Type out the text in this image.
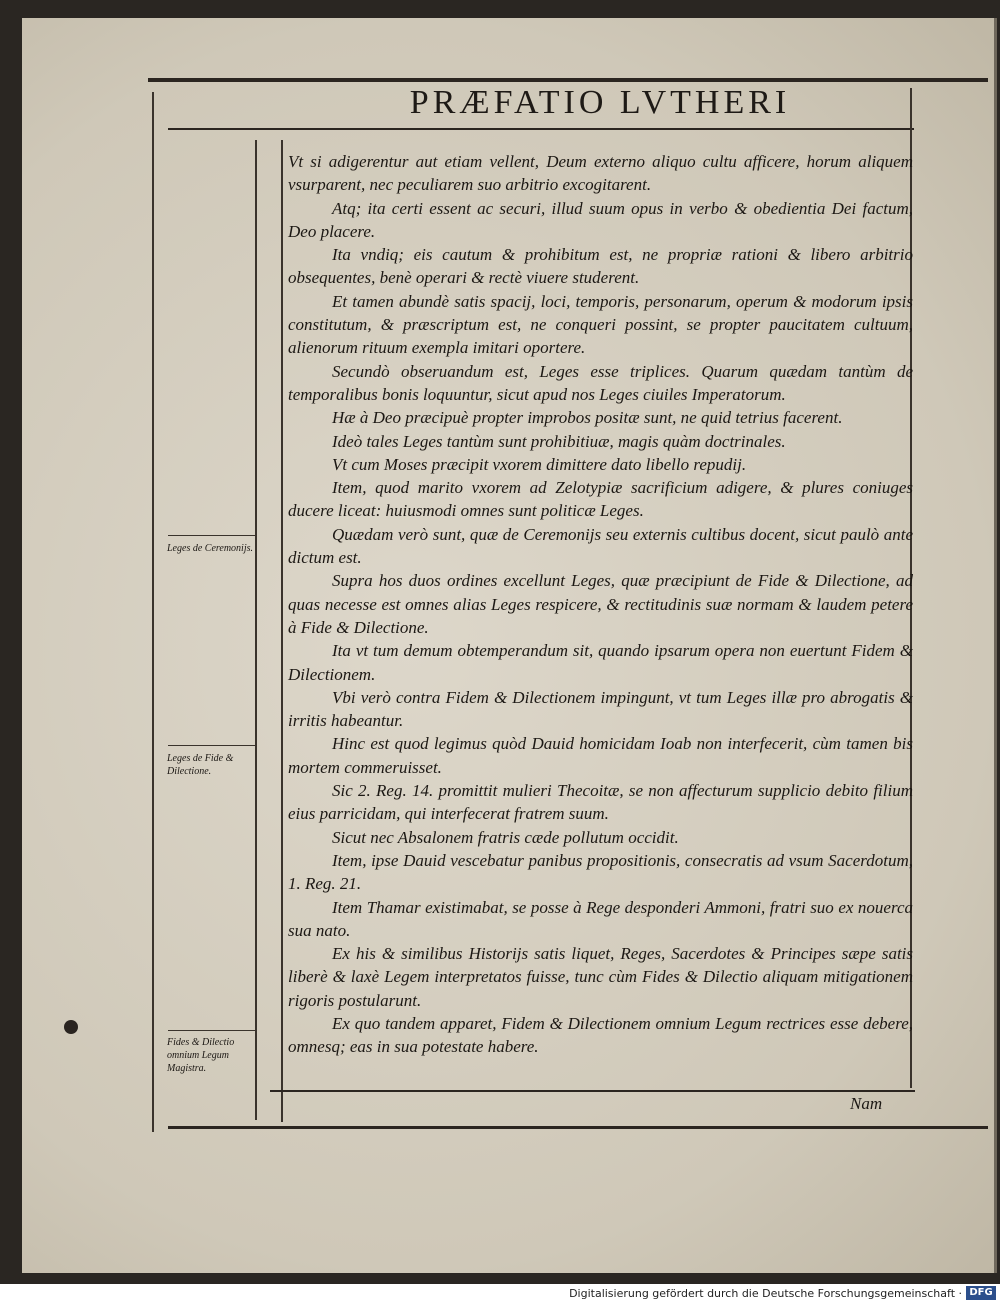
PRÆFATIO LVTHERI
Leges de Ceremonijs.
Leges de Fide & Dilectione.
Fides & Dilectio omnium Legum Magistra.

Vt si adigerentur aut etiam vellent, Deum externo aliquo cultu afficere, horum aliquem vsurparent, nec peculiarem suo arbitrio excogitarent.

Atq; ita certi essent ac securi, illud suum opus in verbo & obedientia Dei factum, Deo placere.

Ita vndiq; eis cautum & prohibitum est, ne propriæ rationi & libero arbitrio obsequentes, benè operari & rectè viuere studerent.

Et tamen abundè satis spacij, loci, temporis, personarum, operum & modorum ipsis constitutum, & præscriptum est, ne conqueri possint, se propter paucitatem cultuum, alienorum rituum exempla imitari oportere.

Secundò obseruandum est, Leges esse triplices. Quarum quædam tantùm de temporalibus bonis loquuntur, sicut apud nos Leges ciuiles Imperatorum.

Hæ à Deo præcipuè propter improbos positæ sunt, ne quid tetrius facerent.

Ideò tales Leges tantùm sunt prohibitiuæ, magis quàm doctrinales.

Vt cum Moses præcipit vxorem dimittere dato libello repudij.

Item, quod marito vxorem ad Zelotypiæ sacrificium adigere, & plures coniuges ducere liceat: huiusmodi omnes sunt politicæ Leges.

Quædam verò sunt, quæ de Ceremonijs seu externis cultibus docent, sicut paulò ante dictum est.

Supra hos duos ordines excellunt Leges, quæ præcipiunt de Fide & Dilectione, ad quas necesse est omnes alias Leges respicere, & rectitudinis suæ normam & laudem petere à Fide & Dilectione.

Ita vt tum demum obtemperandum sit, quando ipsarum opera non euertunt Fidem & Dilectionem.

Vbi verò contra Fidem & Dilectionem impingunt, vt tum Leges illæ pro abrogatis & irritis habeantur.

Hinc est quod legimus quòd Dauid homicidam Ioab non interfecerit, cùm tamen bis mortem commeruisset.

Sic 2. Reg. 14. promittit mulieri Thecoitæ, se non affecturum supplicio debito filium eius parricidam, qui interfecerat fratrem suum.

Sicut nec Absalonem fratris cæde pollutum occidit.

Item, ipse Dauid vescebatur panibus propositionis, consecratis ad vsum Sacerdotum, 1. Reg. 21.

Item Thamar existimabat, se posse à Rege desponderi Ammoni, fratri suo ex nouerca sua nato.

Ex his & similibus Historijs satis liquet, Reges, Sacerdotes & Principes sæpe satis liberè & laxè Legem interpretatos fuisse, tunc cùm Fides & Dilectio aliquam mitigationem rigoris postularunt.

Ex quo tandem apparet, Fidem & Dilectionem omnium Legum rectrices esse debere, omnesq; eas in sua potestate habere.

Nam
Digitalisierung gefördert durch die Deutsche Forschungsgemeinschaft · DFG
